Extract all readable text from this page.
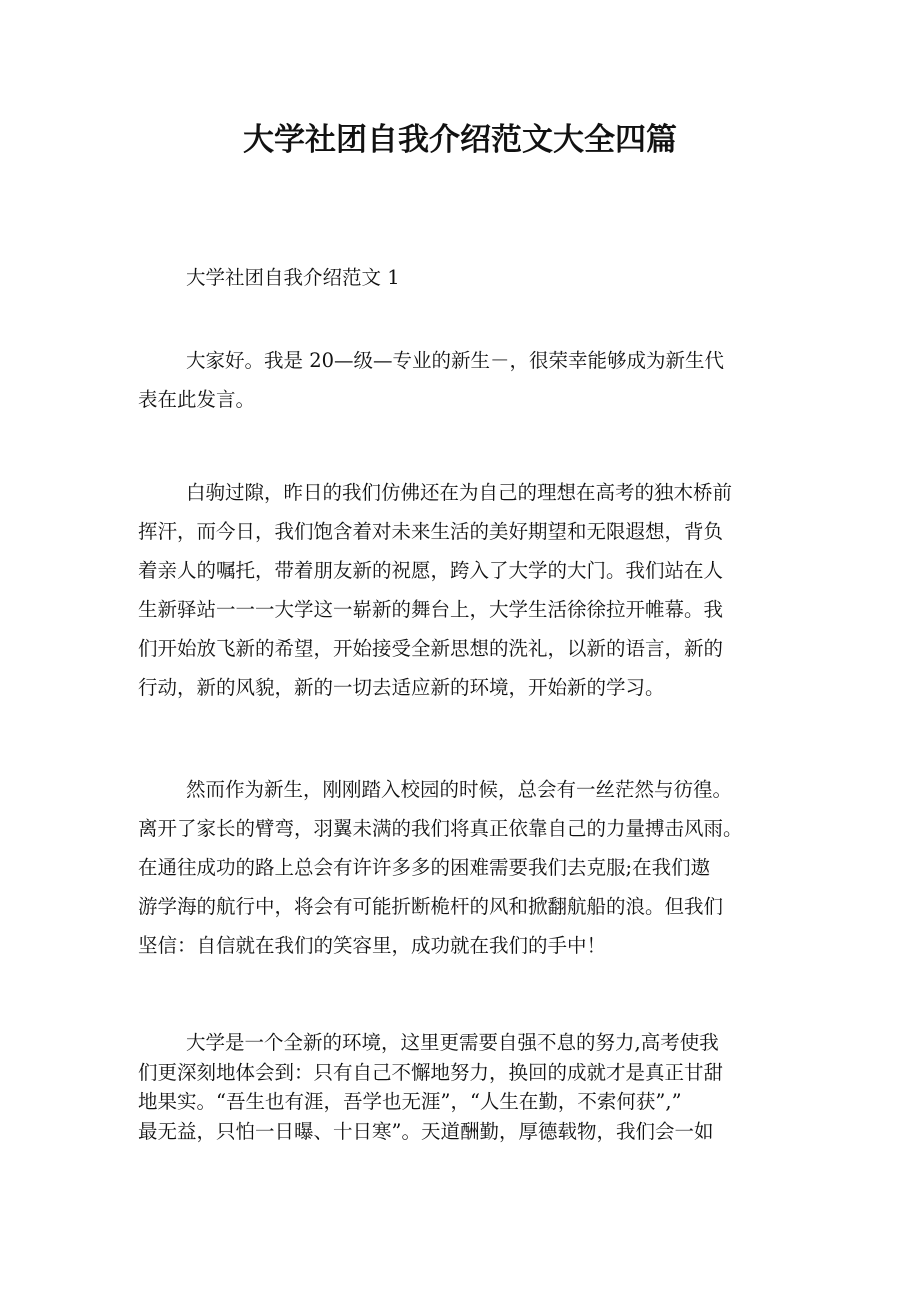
大学社团自我介绍范文大全四篇
大学社团自我介绍范文 1
大家好。我是 20—级—专业的新生－，很荣幸能够成为新生代
表在此发言。
白驹过隙，昨日的我们仿佛还在为自己的理想在高考的独木桥前
挥汗，而今日，我们饱含着对未来生活的美好期望和无限遐想，背负
着亲人的嘱托，带着朋友新的祝愿，跨入了大学的大门。我们站在人
生新驿站一一一大学这一崭新的舞台上，大学生活徐徐拉开帷幕。我
们开始放飞新的希望，开始接受全新思想的洗礼，以新的语言，新的
行动，新的风貌，新的一切去适应新的环境，开始新的学习。
然而作为新生，刚刚踏入校园的时候，总会有一丝茫然与彷徨。
离开了家长的臂弯，羽翼未满的我们将真正依靠自己的力量搏击风雨。
在通往成功的路上总会有许许多多的困难需要我们去克服;在我们遨
游学海的航行中，将会有可能折断桅杆的风和掀翻航船的浪。但我们
坚信：自信就在我们的笑容里，成功就在我们的手中！
大学是一个全新的环境，这里更需要自强不息的努力,高考使我
们更深刻地体会到：只有自己不懈地努力，换回的成就才是真正甘甜
地果实。“吾生也有涯，吾学也无涯”，“人生在勤，不索何获”,”
最无益，只怕一日曝、十日寒”。天道酬勤，厚德载物，我们会一如
